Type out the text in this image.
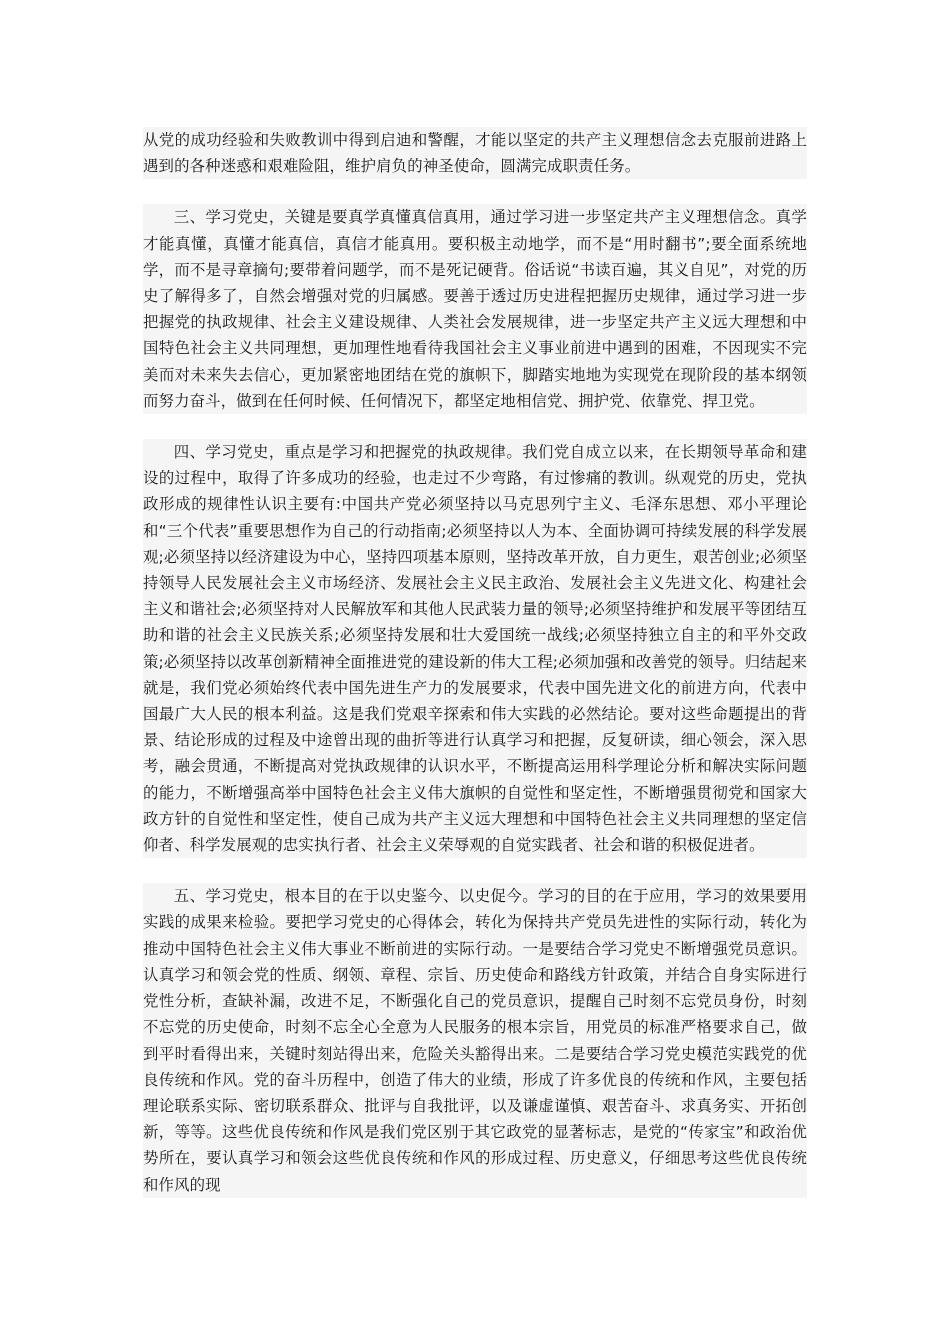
从党的成功经验和失败教训中得到启迪和警醒，才能以坚定的共产主义理想信念去克服前进路上遇到的各种迷惑和艰难险阻，维护肩负的神圣使命，圆满完成职责任务。

三、学习党史，关键是要真学真懂真信真用，通过学习进一步坚定共产主义理想信念。真学才能真懂，真懂才能真信，真信才能真用。要积极主动地学，而不是“用时翻书”;要全面系统地学，而不是寻章摘句;要带着问题学，而不是死记硬背。俗话说“书读百遍，其义自见”，对党的历史了解得多了，自然会增强对党的归属感。要善于透过历史进程把握历史规律，通过学习进一步把握党的执政规律、社会主义建设规律、人类社会发展规律，进一步坚定共产主义远大理想和中国特色社会主义共同理想，更加理性地看待我国社会主义事业前进中遇到的困难，不因现实不完美而对未来失去信心，更加紧密地团结在党的旗帜下，脚踏实地地为实现党在现阶段的基本纲领而努力奋斗，做到在任何时候、任何情况下，都坚定地相信党、拥护党、依靠党、捍卫党。

四、学习党史，重点是学习和把握党的执政规律。我们党自成立以来，在长期领导革命和建设的过程中，取得了许多成功的经验，也走过不少弯路，有过惨痛的教训。纵观党的历史，党执政形成的规律性认识主要有:中国共产党必须坚持以马克思列宁主义、毛泽东思想、邓小平理论和“三个代表”重要思想作为自己的行动指南;必须坚持以人为本、全面协调可持续发展的科学发展观;必须坚持以经济建设为中心，坚持四项基本原则，坚持改革开放，自力更生，艰苦创业;必须坚持领导人民发展社会主义市场经济、发展社会主义民主政治、发展社会主义先进文化、构建社会主义和谐社会;必须坚持对人民解放军和其他人民武装力量的领导;必须坚持维护和发展平等团结互助和谐的社会主义民族关系;必须坚持发展和壮大爱国统一战线;必须坚持独立自主的和平外交政策;必须坚持以改革创新精神全面推进党的建设新的伟大工程;必须加强和改善党的领导。归结起来就是，我们党必须始终代表中国先进生产力的发展要求，代表中国先进文化的前进方向，代表中国最广大人民的根本利益。这是我们党艰辛探索和伟大实践的必然结论。要对这些命题提出的背景、结论形成的过程及中途曾出现的曲折等进行认真学习和把握，反复研读，细心领会，深入思考，融会贯通，不断提高对党执政规律的认识水平，不断提高运用科学理论分析和解决实际问题的能力，不断增强高举中国特色社会主义伟大旗帜的自觉性和坚定性，不断增强贯彻党和国家大政方针的自觉性和坚定性，使自己成为共产主义远大理想和中国特色社会主义共同理想的坚定信仰者、科学发展观的忠实执行者、社会主义荣辱观的自觉实践者、社会和谐的积极促进者。

五、学习党史，根本目的在于以史鉴今、以史促今。学习的目的在于应用，学习的效果要用实践的成果来检验。要把学习党史的心得体会，转化为保持共产党员先进性的实际行动，转化为推动中国特色社会主义伟大事业不断前进的实际行动。一是要结合学习党史不断增强党员意识。认真学习和领会党的性质、纲领、章程、宗旨、历史使命和路线方针政策，并结合自身实际进行党性分析，查缺补漏，改进不足，不断强化自己的党员意识，提醒自己时刻不忘党员身份，时刻不忘党的历史使命，时刻不忘全心全意为人民服务的根本宗旨，用党员的标准严格要求自己，做到平时看得出来，关键时刻站得出来，危险关头豁得出来。二是要结合学习党史模范实践党的优良传统和作风。党的奋斗历程中，创造了伟大的业绩，形成了许多优良的传统和作风，主要包括理论联系实际、密切联系群众、批评与自我批评，以及谦虚谨慎、艰苦奋斗、求真务实、开拓创新，等等。这些优良传统和作风是我们党区别于其它政党的显著标志，是党的“传家宝”和政治优势所在，要认真学习和领会这些优良传统和作风的形成过程、历史意义，仔细思考这些优良传统和作风的现
